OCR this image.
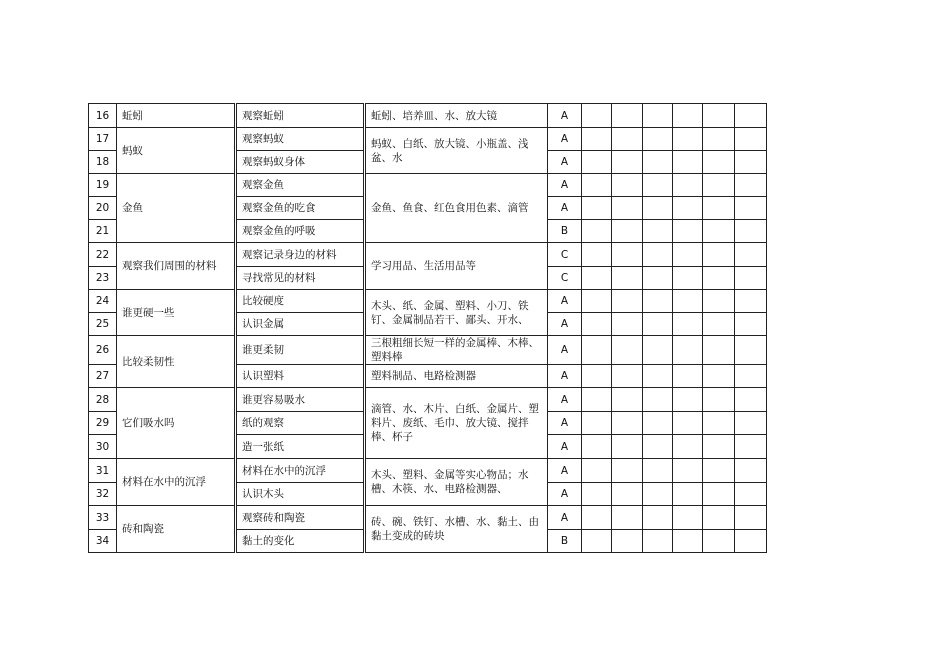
16	蚯蚓	观察蚯蚓	蚯蚓、培养皿、水、放大镜	A						
17	蚂蚁	观察蚂蚁	蚂蚁、白纸、放大镜、小瓶盖、浅盆、水	A						
18		观察蚂蚁身体		A						
19	金鱼	观察金鱼	金鱼、鱼食、红色食用色素、滴管	A						
20		观察金鱼的吃食		A						
21		观察金鱼的呼吸		B						
22	观察我们周围的材料	观察记录身边的材料	学习用品、生活用品等	C						
23		寻找常见的材料		C						
24	谁更硬一些	比较硬度	木头、纸、金属、塑料、小刀、铁钉、金属制品若干、鄙头、开水、	A						
25		认识金属		A						
26	比较柔韧性	谁更柔韧	三根粗细长短一样的金属棒、木棒、塑料棒	A						
27		认识塑料	塑料制品、电路检测器	A						
28	它们吸水吗	谁更容易吸水	滴管、水、木片、白纸、金属片、塑料片、废纸、毛巾、放大镜、搅拌棒、杯子	A						
29		纸的观察		A						
30		造一张纸		A						
31	材料在水中的沉浮	材料在水中的沉浮	木头、塑料、金属等实心物品；水槽、木筷、水、电路检测器、	A						
32		认识木头		A						
33	砖和陶瓷	观察砖和陶瓷	砖、碗、铁钉、水槽、水、黏土、由黏土变成的砖块	A						
34		黏土的变化		B						
